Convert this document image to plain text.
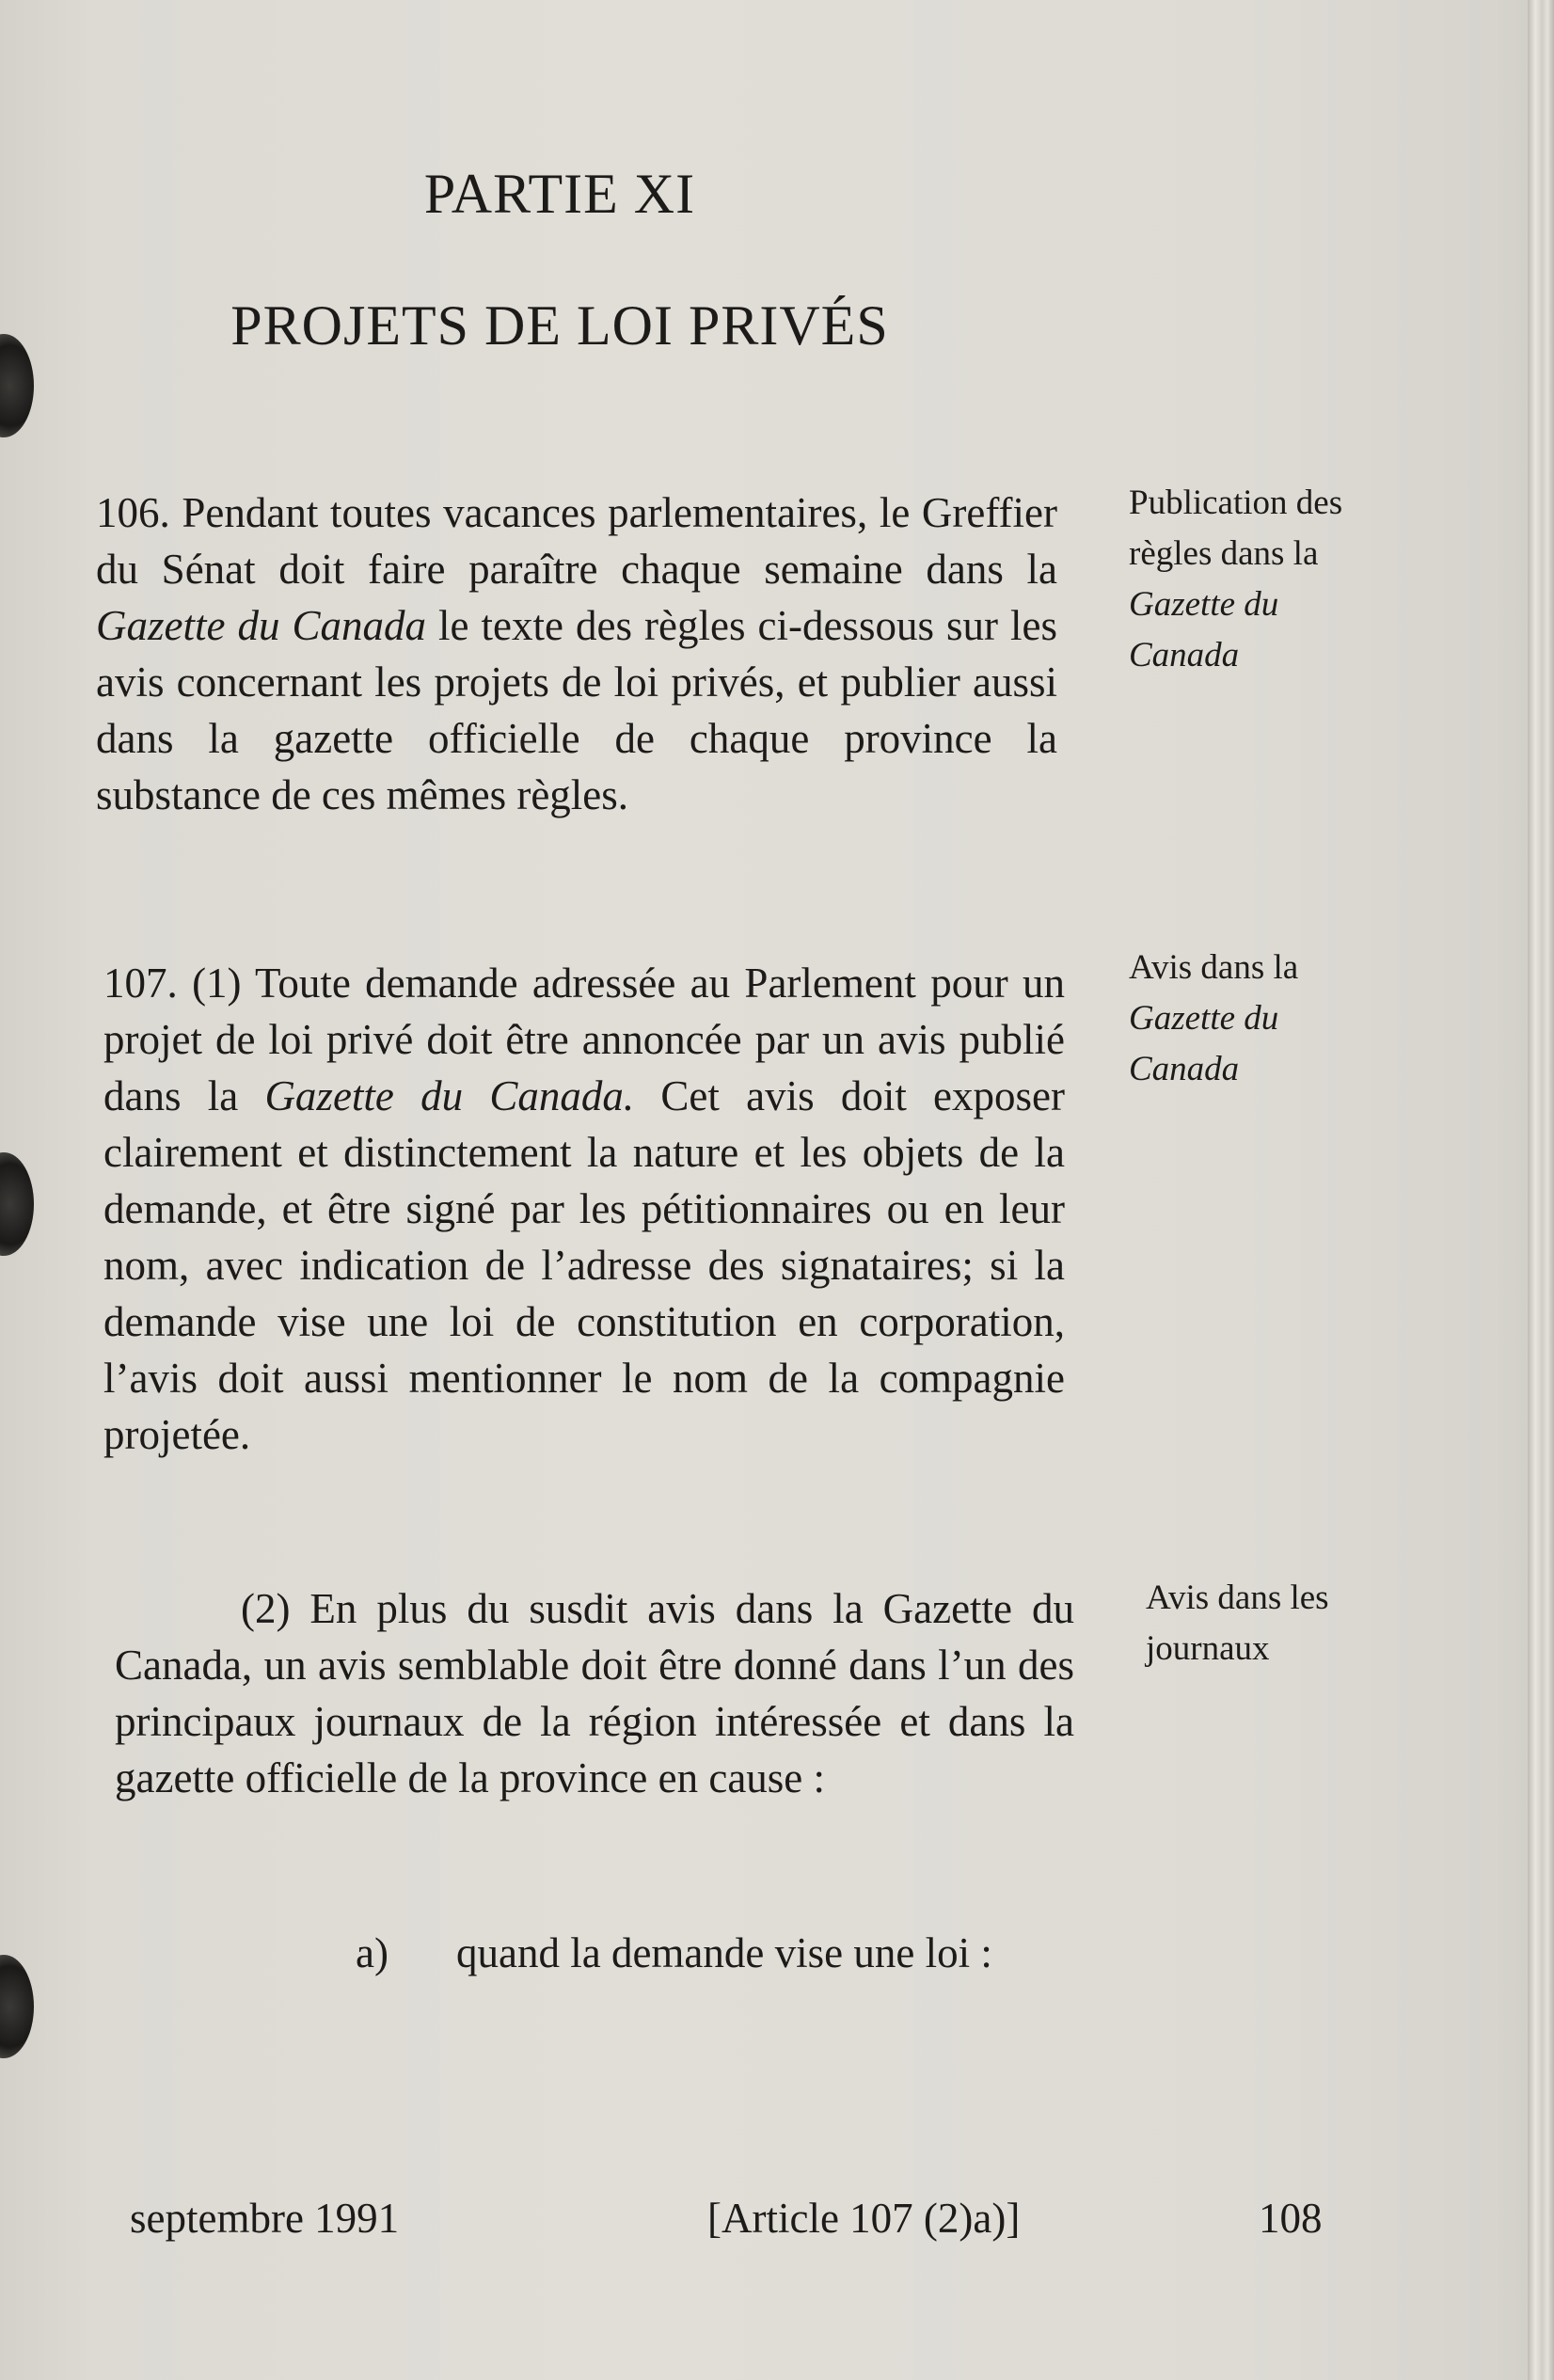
PARTIE XI
PROJETS DE LOI PRIVÉS

106. Pendant toutes vacances parlementaires, le Greffier du Sénat doit faire paraître chaque semaine dans la Gazette du Canada le texte des règles ci-dessous sur les avis concernant les projets de loi privés, et publier aussi dans la gazette officielle de chaque province la substance de ces mêmes règles.

Publication des
règles dans la
Gazette du
Canada

107. (1) Toute demande adressée au Parlement pour un projet de loi privé doit être annoncée par un avis publié dans la Gazette du Canada. Cet avis doit exposer clairement et distinctement la nature et les objets de la demande, et être signé par les pétitionnaires ou en leur nom, avec indication de l’adresse des signataires; si la demande vise une loi de constitution en corporation, l’avis doit aussi mentionner le nom de la compagnie projetée.

Avis dans la
Gazette du
Canada

(2) En plus du susdit avis dans la Gazette du Canada, un avis semblable doit être donné dans l’un des principaux journaux de la région intéressée et dans la gazette officielle de la province en cause :

Avis dans les
journaux
a) quand la demande vise une loi :
septembre 1991	[Article 107 (2)a)]	108
